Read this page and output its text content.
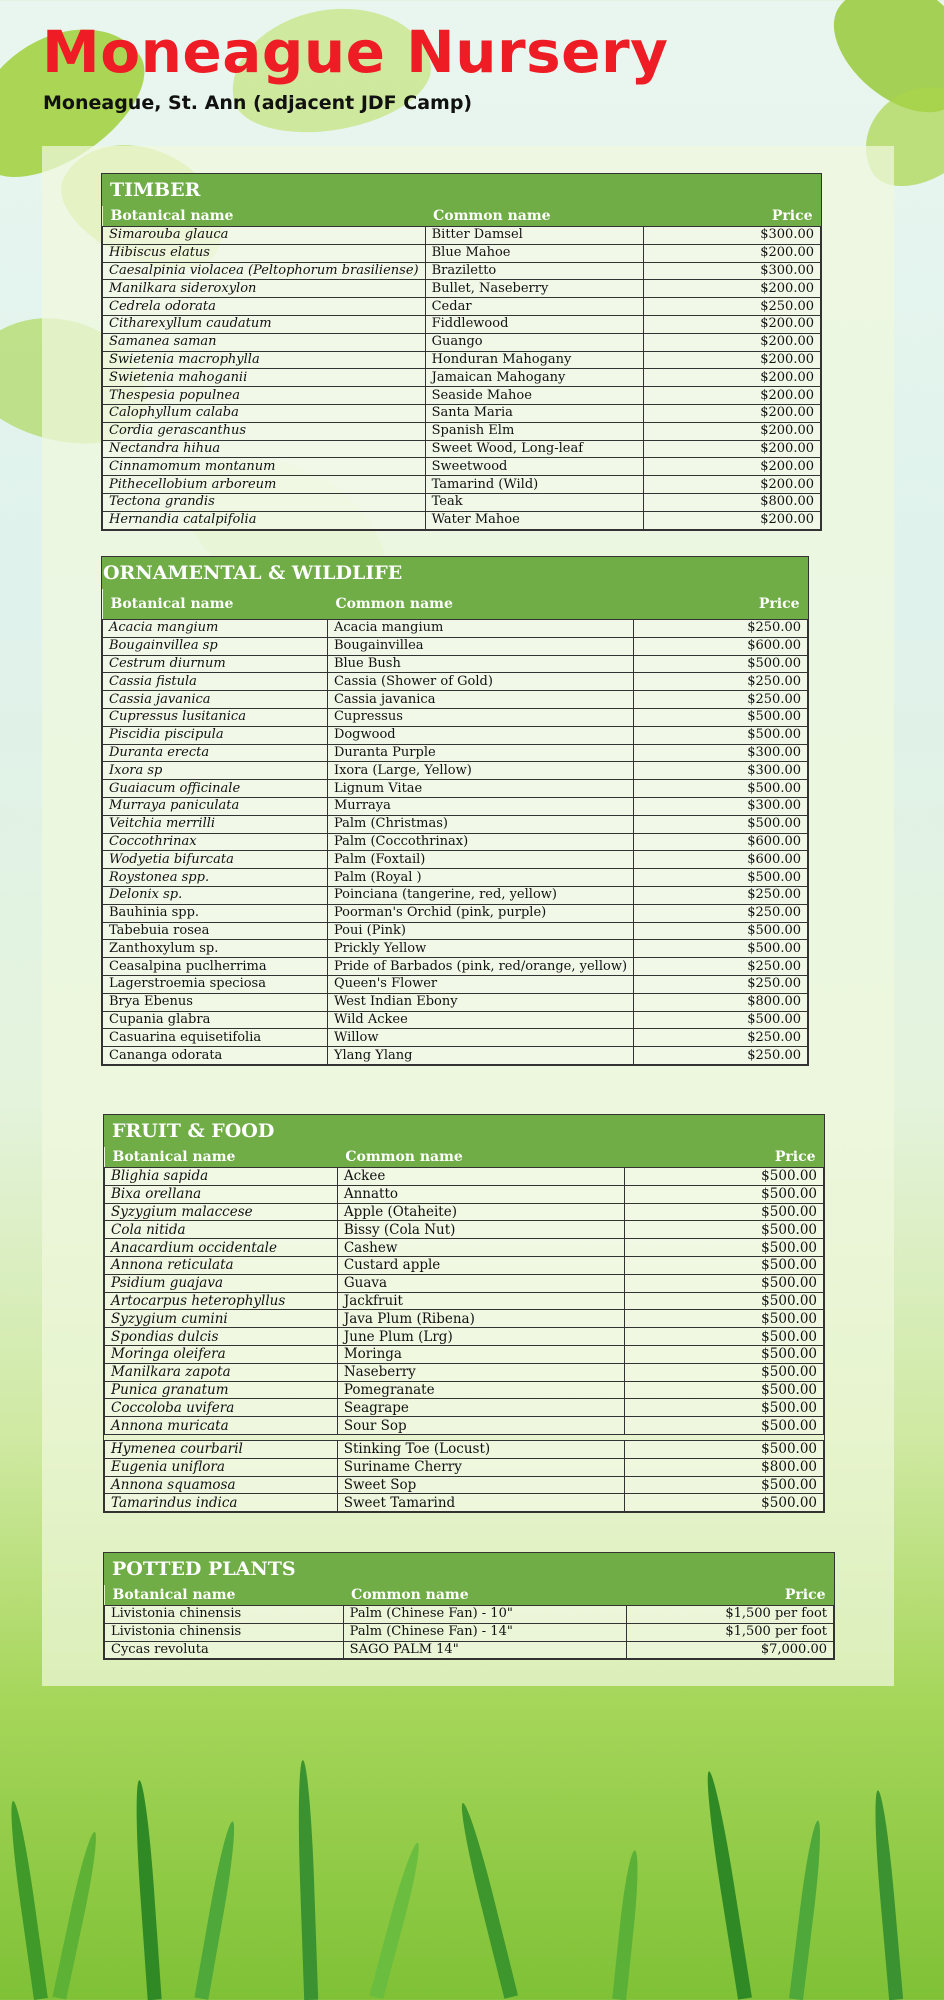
Moneague Nursery

Moneague, St. Ann (adjacent JDF Camp)

TIMBER
Botanical name	Common name	Price
Simarouba glauca	Bitter Damsel	$300.00
Hibiscus elatus	Blue Mahoe	$200.00
Caesalpinia violacea (Peltophorum brasiliense)	Braziletto	$300.00
Manilkara sideroxylon	Bullet, Naseberry	$200.00
Cedrela odorata	Cedar	$250.00
Citharexyllum caudatum	Fiddlewood	$200.00
Samanea saman	Guango	$200.00
Swietenia macrophylla	Honduran Mahogany	$200.00
Swietenia mahoganii	Jamaican Mahogany	$200.00
Thespesia populnea	Seaside Mahoe	$200.00
Calophyllum calaba	Santa Maria	$200.00
Cordia gerascanthus	Spanish Elm	$200.00
Nectandra hihua	Sweet Wood, Long-leaf	$200.00
Cinnamomum montanum	Sweetwood	$200.00
Pithecellobium arboreum	Tamarind (Wild)	$200.00
Tectona grandis	Teak	$800.00
Hernandia catalpifolia	Water Mahoe	$200.00
ORNAMENTAL & WILDLIFE
Botanical name	Common name	Price
Acacia mangium	Acacia mangium	$250.00
Bougainvillea sp	Bougainvillea	$600.00
Cestrum diurnum	Blue Bush	$500.00
Cassia fistula	Cassia (Shower of Gold)	$250.00
Cassia javanica	Cassia javanica	$250.00
Cupressus lusitanica	Cupressus	$500.00
Piscidia piscipula	Dogwood	$500.00
Duranta erecta	Duranta Purple	$300.00
Ixora sp	Ixora (Large, Yellow)	$300.00
Guaiacum officinale	Lignum Vitae	$500.00
Murraya paniculata	Murraya	$300.00
Veitchia merrilli	Palm (Christmas)	$500.00
Coccothrinax	Palm (Coccothrinax)	$600.00
Wodyetia bifurcata	Palm (Foxtail)	$600.00
Roystonea spp.	Palm (Royal )	$500.00
Delonix sp.	Poinciana (tangerine, red, yellow)	$250.00
Bauhinia spp.	Poorman's Orchid (pink, purple)	$250.00
Tabebuia rosea	Poui (Pink)	$500.00
Zanthoxylum sp.	Prickly Yellow	$500.00
Ceasalpina puclherrima	Pride of Barbados (pink, red/orange, yellow)	$250.00
Lagerstroemia speciosa	Queen's Flower	$250.00
Brya Ebenus	West Indian Ebony	$800.00
Cupania glabra	Wild Ackee	$500.00
Casuarina equisetifolia	Willow	$250.00
Cananga odorata	Ylang Ylang	$250.00
FRUIT & FOOD
Botanical name	Common name	Price
Blighia sapida	Ackee	$500.00
Bixa orellana	Annatto	$500.00
Syzygium malaccese	Apple (Otaheite)	$500.00
Cola nitida	Bissy (Cola Nut)	$500.00
Anacardium occidentale	Cashew	$500.00
Annona reticulata	Custard apple	$500.00
Psidium guajava	Guava	$500.00
Artocarpus heterophyllus	Jackfruit	$500.00
Syzygium cumini	Java Plum (Ribena)	$500.00
Spondias dulcis	June Plum (Lrg)	$500.00
Moringa oleifera	Moringa	$500.00
Manilkara zapota	Naseberry	$500.00
Punica granatum	Pomegranate	$500.00
Coccoloba uvifera	Seagrape	$500.00
Annona muricata	Sour Sop	$500.00
Hymenea courbaril	Stinking Toe (Locust)	$500.00
Eugenia uniflora	Suriname Cherry	$800.00
Annona squamosa	Sweet Sop	$500.00
Tamarindus indica	Sweet Tamarind	$500.00
POTTED PLANTS
Botanical name	Common name	Price
Livistonia chinensis	Palm (Chinese Fan) - 10"	$1,500 per foot
Livistonia chinensis	Palm (Chinese Fan) - 14"	$1,500 per foot
Cycas revoluta	SAGO PALM 14"	$7,000.00
